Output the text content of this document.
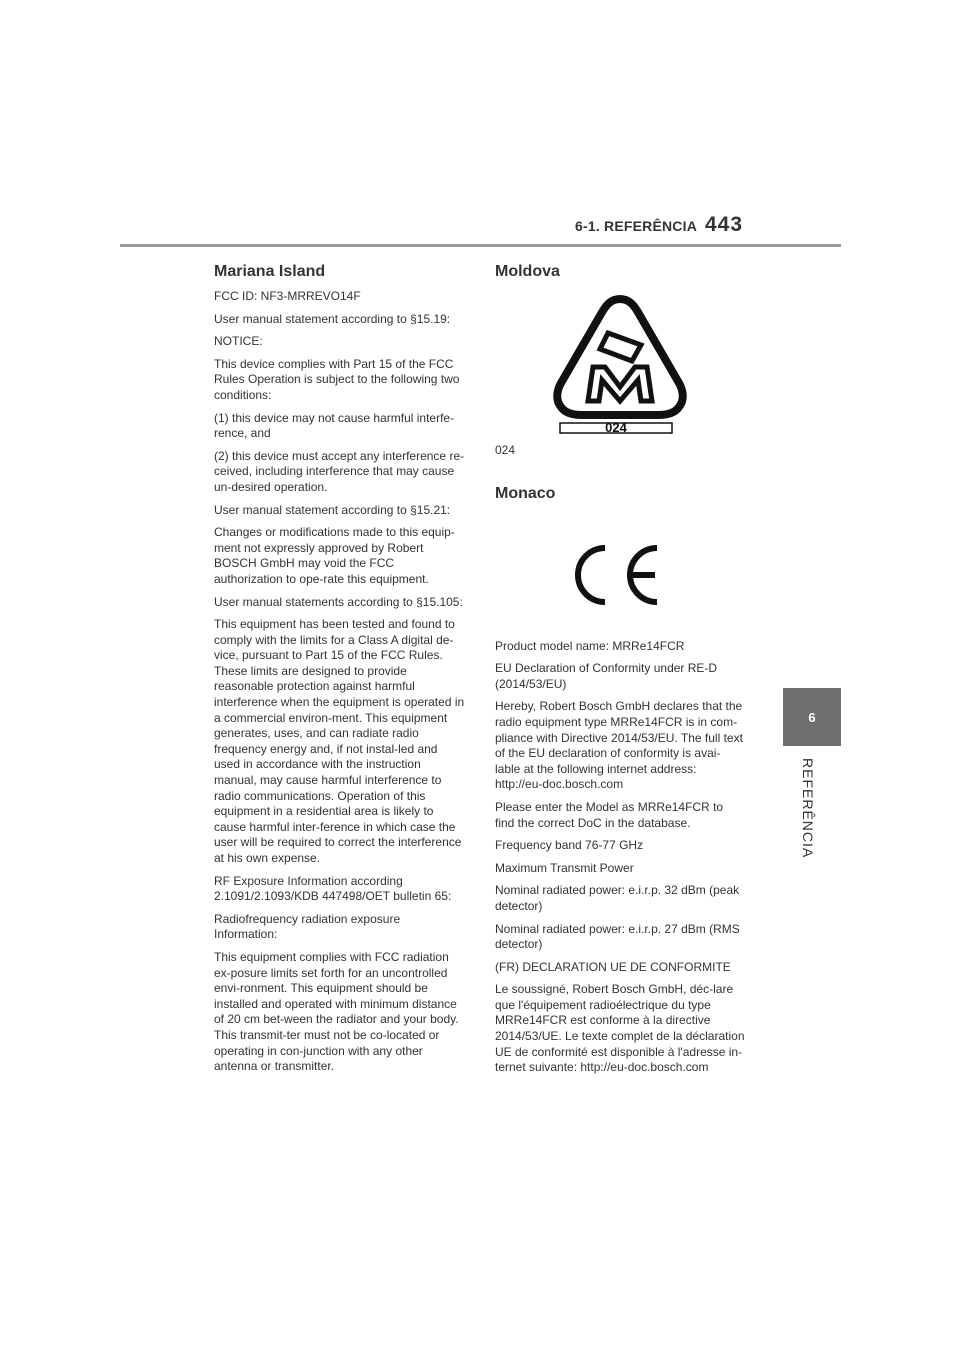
6-1. REFERÊNCIA 443
6
REFERÊNCIA
Mariana Island

FCC ID: NF3-MRREVO14F

User manual statement according to §15.19:

NOTICE:

This device complies with Part 15 of the FCC Rules Operation is subject to the following two conditions:

(1) this device may not cause harmful interfe-rence, and

(2) this device must accept any interference re-ceived, including interference that may cause un-desired operation.

User manual statement according to §15.21:

Changes or modifications made to this equip-ment not expressly approved by Robert BOSCH GmbH may void the FCC authorization to ope-rate this equipment.

User manual statements according to §15.105:

This equipment has been tested and found to comply with the limits for a Class A digital de-vice, pursuant to Part 15 of the FCC Rules. These limits are designed to provide reasonable protection against harmful interference when the equipment is operated in a commercial environ-ment. This equipment generates, uses, and can radiate radio frequency energy and, if not instal-led and used in accordance with the instruction manual, may cause harmful interference to radio communications. Operation of this equipment in a residential area is likely to cause harmful inter-ference in which case the user will be required to correct the interference at his own expense.

RF Exposure Information according 2.1091/2.1093/KDB 447498/OET bulletin 65:

Radiofrequency radiation exposure Information:

This equipment complies with FCC radiation ex-posure limits set forth for an uncontrolled envi-ronment. This equipment should be installed and operated with minimum distance of 20 cm bet-ween the radiator and your body. This transmit-ter must not be co-located or operating in con-junction with any other antenna or transmitter.

Moldova
024

024

Monaco

Product model name: MRRe14FCR

EU Declaration of Conformity under RE-D (2014/53/EU)

Hereby, Robert Bosch GmbH declares that the radio equipment type MRRe14FCR is in com-pliance with Directive 2014/53/EU. The full text of the EU declaration of conformity is avai-lable at the following internet address: http://eu-doc.bosch.com

Please enter the Model as MRRe14FCR to find the correct DoC in the database.

Frequency band 76-77 GHz

Maximum Transmit Power

Nominal radiated power: e.i.r.p. 32 dBm (peak detector)

Nominal radiated power: e.i.r.p. 27 dBm (RMS detector)

(FR) DECLARATION UE DE CONFORMITE

Le soussigné, Robert Bosch GmbH, déc-lare que l'équipement radioélectrique du type MRRe14FCR est conforme à la directive 2014/53/UE. Le texte complet de la déclaration UE de conformité est disponible à l'adresse in-ternet suivante: http://eu-doc.bosch.com
